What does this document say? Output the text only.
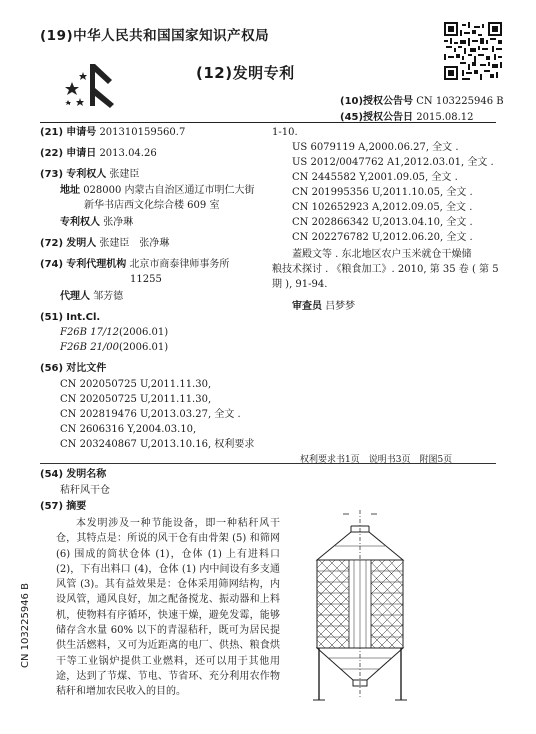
(19)中华人民共和国国家知识产权局
(12)发明专利
(10)授权公告号 CN 103225946 B
(45)授权公告日 2015.08.12
(21) 申请号 201310159560.7
(22) 申请日 2013.04.26
(73) 专利权人 张建臣
地址 028000 内蒙古自治区通辽市明仁大街
新华书店西文化综合楼 609 室
专利权人 张净琳
(72) 发明人 张建臣　张净琳
(74) 专利代理机构 北京市商泰律师事务所
11255
代理人 邹芳德
(51) Int.Cl.
F26B 17/12(2006.01)
F26B 21/00(2006.01)
(56) 对比文件
CN 202050725 U,2011.11.30,
CN 202050725 U,2011.11.30,
CN 202819476 U,2013.03.27, 全文 .
CN 2606316 Y,2004.03.10,
CN 203240867 U,2013.10.16, 权利要求
1-10.
US 6079119 A,2000.06.27, 全文 .
US 2012/0047762 A1,2012.03.01, 全文 .
CN 2445582 Y,2001.09.05, 全文 .
CN 201995356 U,2011.10.05, 全文 .
CN 102652923 A,2012.09.05, 全文 .
CN 202866342 U,2013.04.10, 全文 .
CN 202276782 U,2012.06.20, 全文 .
蓋殿文等 . 东北地区农户玉米就仓干燥储
粮技术探讨 . 《粮食加工》. 2010, 第 35 卷 ( 第 5
期 ), 91-94.
审查员 吕梦梦
权利要求书1页　说明书3页　附图5页
(54) 发明名称
秸秆风干仓
(57) 摘要

本发明涉及一种节能设备，即一种秸秆风干仓，其特点是：所说的风干仓有由骨架 (5) 和筛网 (6) 围成的筒状仓体 (1)，仓体 (1) 上有进料口 (2)，下有出料口 (4)，仓体 (1) 内中间设有多支通风管 (3)。其有益效果是：仓体采用筛网结构，内设风管，通风良好，加之配备搅龙、振动器和上料机，使物料有序循环，快速干燥，避免发霉，能够储存含水量 60% 以下的青湿秸秆，既可为居民提供生活燃料，又可为近距离的电厂、供热、粮食烘干等工业锅炉提供工业燃料，还可以用于其他用途，达到了节煤、节电、节省环、充分利用农作物秸秆和增加农民收入的目的。

CN 103225946 B
